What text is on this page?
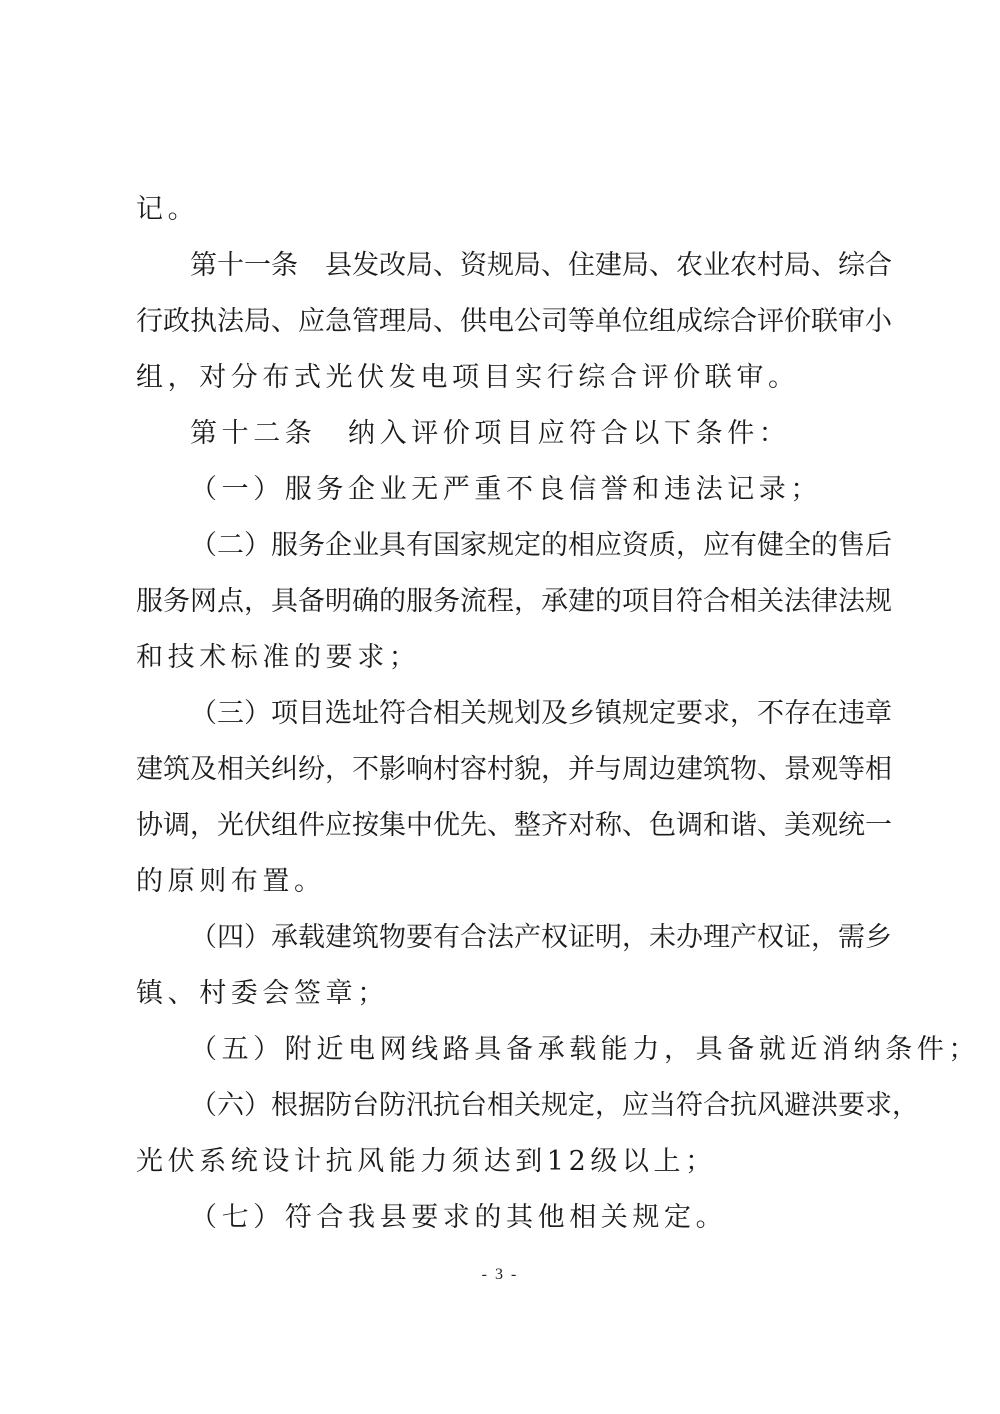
记。
第十一条　县发改局、资规局、住建局、农业农村局、综合
行政执法局、应急管理局、供电公司等单位组成综合评价联审小
组，对分布式光伏发电项目实行综合评价联审。
第十二条　纳入评价项目应符合以下条件：
（一）服务企业无严重不良信誉和违法记录；
（二）服务企业具有国家规定的相应资质，应有健全的售后
服务网点，具备明确的服务流程，承建的项目符合相关法律法规
和技术标准的要求；
（三）项目选址符合相关规划及乡镇规定要求，不存在违章
建筑及相关纠纷，不影响村容村貌，并与周边建筑物、景观等相
协调，光伏组件应按集中优先、整齐对称、色调和谐、美观统一
的原则布置。
（四）承载建筑物要有合法产权证明，未办理产权证，需乡
镇、村委会签章；
（五）附近电网线路具备承载能力，具备就近消纳条件；
（六）根据防台防汛抗台相关规定，应当符合抗风避洪要求，
光伏系统设计抗风能力须达到12级以上；
（七）符合我县要求的其他相关规定。
- 3 -
